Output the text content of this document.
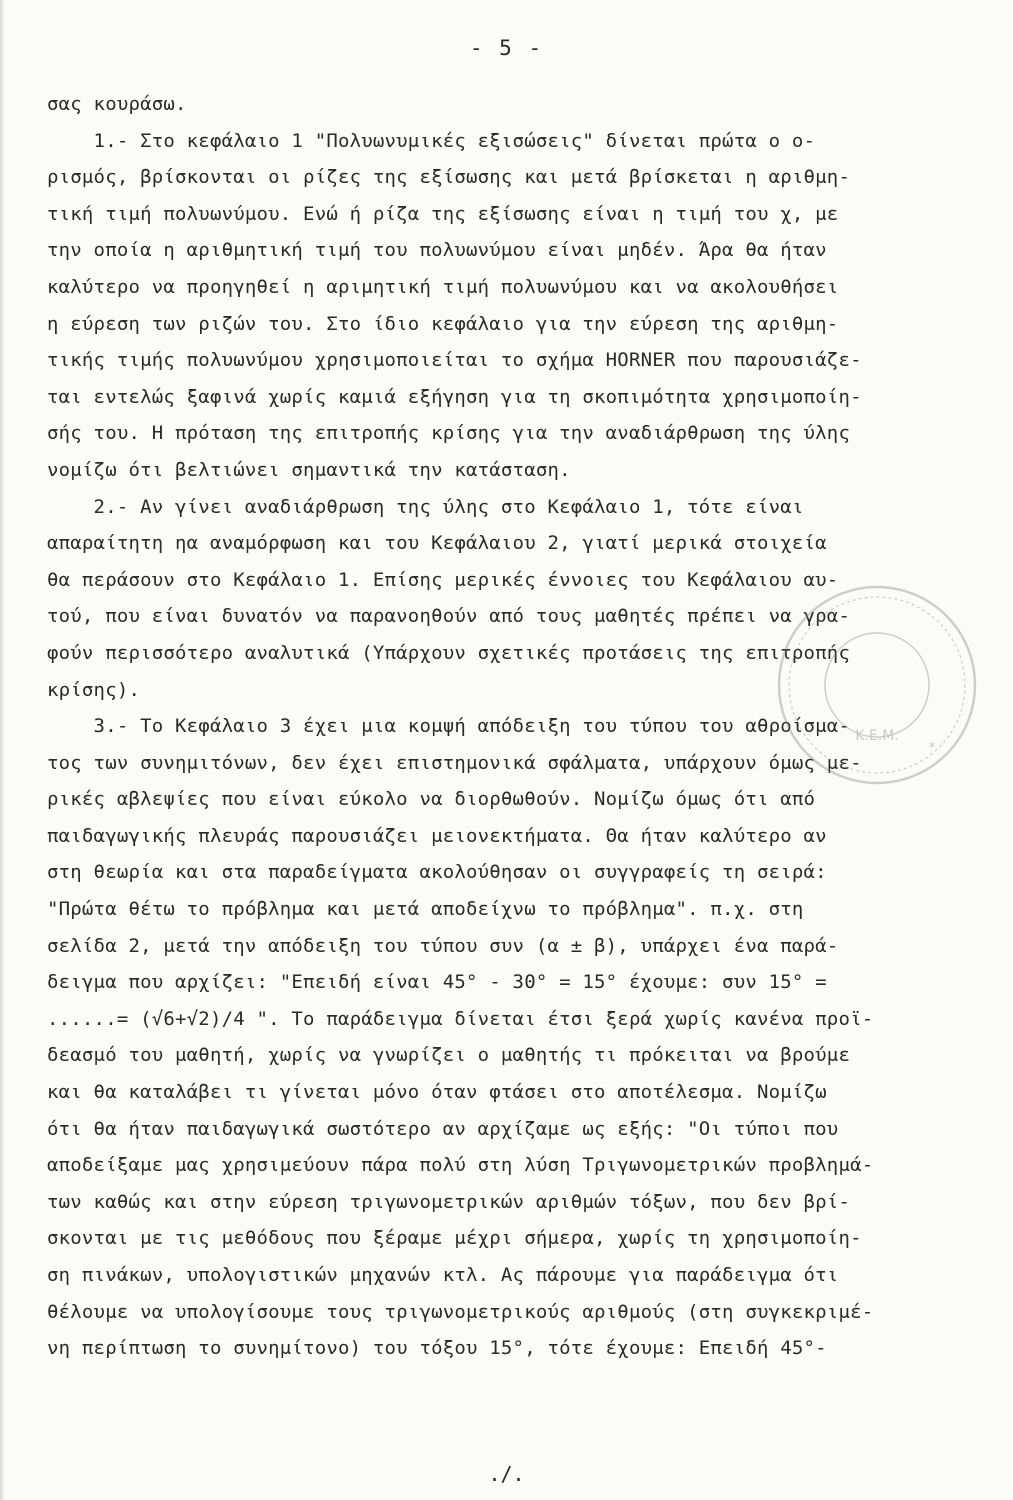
- 5 -
σας κουράσω.
1.- Στο κεφάλαιο 1 "Πολυωνυμικές εξισώσεις" δίνεται πρώτα ο ο-
ρισμός, βρίσκονται οι ρίζες της εξίσωσης και μετά βρίσκεται η αριθμη-
τική τιμή πολυωνύμου. Ενώ ή ρίζα της εξίσωσης είναι η τιμή του χ, με
την οποία η αριθμητική τιμή του πολυωνύμου είναι μηδέν. Άρα θα ήταν
καλύτερο να προηγηθεί η αριμητική τιμή πολυωνύμου και να ακολουθήσει
η εύρεση των ριζών του. Στο ίδιο κεφάλαιο για την εύρεση της αριθμη-
τικής τιμής πολυωνύμου χρησιμοποιείται το σχήμα HORNER που παρουσιάζε-
ται εντελώς ξαφινά χωρίς καμιά εξήγηση για τη σκοπιμότητα χρησιμοποίη-
σής του. Η πρόταση της επιτροπής κρίσης για την αναδιάρθρωση της ύλης
νομίζω ότι βελτιώνει σημαντικά την κατάσταση.
2.- Αν γίνει αναδιάρθρωση της ύλης στο Κεφάλαιο 1, τότε είναι
απαραίτητη ηα αναμόρφωση και του Κεφάλαιου 2, γιατί μερικά στοιχεία
θα περάσουν στο Κεφάλαιο 1. Επίσης μερικές έννοιες του Κεφάλαιου αυ-
τού, που είναι δυνατόν να παρανοηθούν από τους μαθητές πρέπει να γρα-
φούν περισσότερο αναλυτικά (Υπάρχουν σχετικές προτάσεις της επιτροπής
κρίσης).
3.- Το Κεφάλαιο 3 έχει μια κομψή απόδειξη του τύπου του αθροίσμα-
τος των συνημιτόνων, δεν έχει επιστημονικά σφάλματα, υπάρχουν όμως με-
ρικές αβλεψίες που είναι εύκολο να διορθωθούν. Νομίζω όμως ότι από
παιδαγωγικής πλευράς παρουσιάζει μειονεκτήματα. Θα ήταν καλύτερο αν
στη θεωρία και στα παραδείγματα ακολούθησαν οι συγγραφείς τη σειρά:
"Πρώτα θέτω το πρόβλημα και μετά αποδείχνω το πρόβλημα". π.χ. στη
σελίδα 2, μετά την απόδειξη του τύπου συν (α ± β), υπάρχει ένα παρά-
δειγμα που αρχίζει: "Επειδή είναι 45° - 30° = 15° έχουμε: συν 15° =
......= (√6+√2)/4 ". Το παράδειγμα δίνεται έτσι ξερά χωρίς κανένα προϊ-
δεασμό του μαθητή, χωρίς να γνωρίζει ο μαθητής τι πρόκειται να βρούμε
και θα καταλάβει τι γίνεται μόνο όταν φτάσει στο αποτέλεσμα. Νομίζω
ότι θα ήταν παιδαγωγικά σωστότερο αν αρχίζαμε ως εξής: "Οι τύποι που
αποδείξαμε μας χρησιμεύουν πάρα πολύ στη λύση Τριγωνομετρικών προβλημά-
των καθώς και στην εύρεση τριγωνομετρικών αριθμών τόξων, που δεν βρί-
σκονται με τις μεθόδους που ξέραμε μέχρι σήμερα, χωρίς τη χρησιμοποίη-
ση πινάκων, υπολογιστικών μηχανών κτλ. Ας πάρουμε για παράδειγμα ότι
θέλουμε να υπολογίσουμε τους τριγωνομετρικούς αριθμούς (στη συγκεκριμέ-
νη περίπτωση το συνημίτονο) του τόξου 15°, τότε έχουμε: Επειδή 45°-
Κ.Ε.Μ.
*
./.
